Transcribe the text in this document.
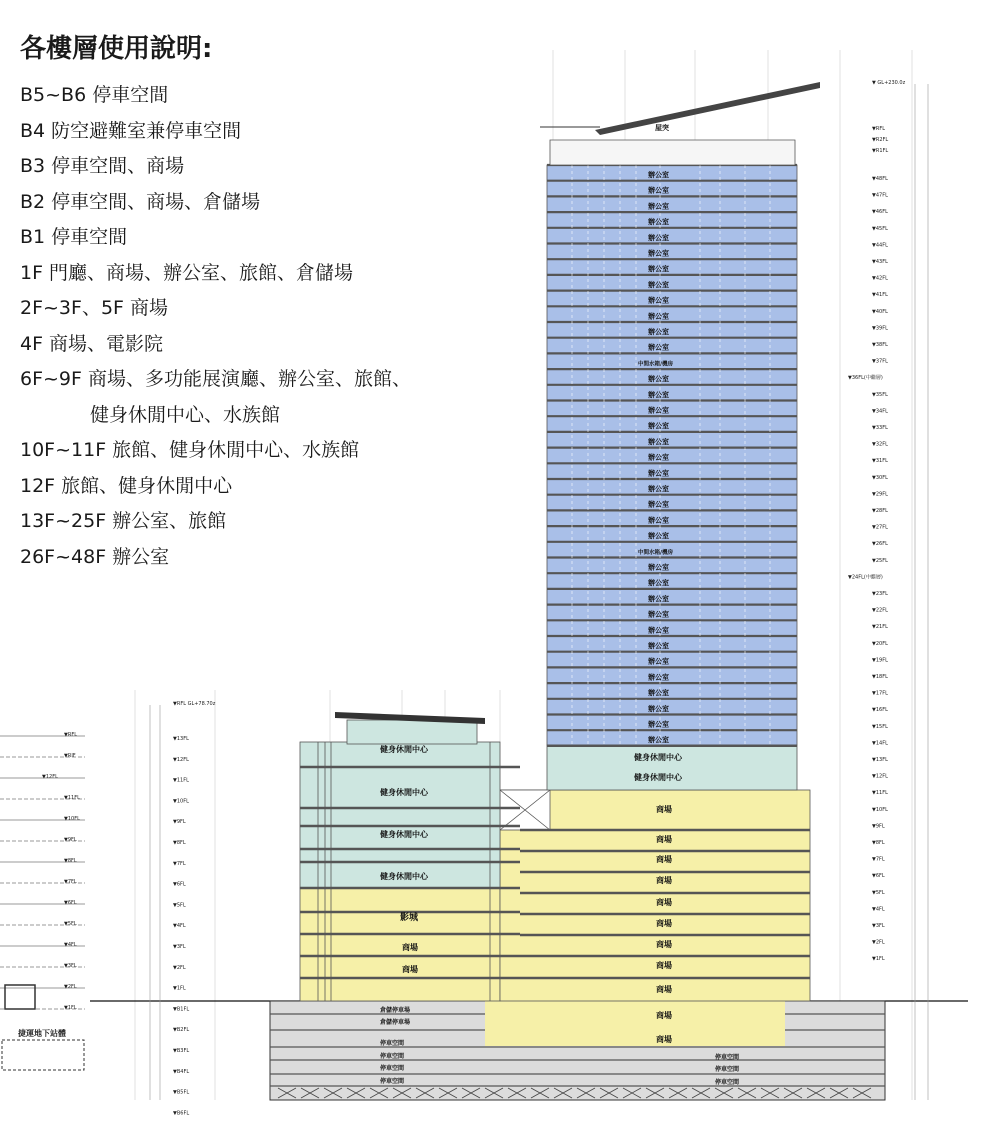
各樓層使用說明:
B5~B6 停車空間
B4 防空避難室兼停車空間
B3 停車空間、商場
B2 停車空間、商場、倉儲場
B1 停車空間
1F 門廳、商場、辦公室、旅館、倉儲場
2F~3F、5F 商場
4F 商場、電影院
6F~9F 商場、多功能展演廳、辦公室、旅館、
健身休閒中心、水族館
10F~11F 旅館、健身休閒中心、水族館
12F 旅館、健身休閒中心
13F~25F 辦公室、旅館
26F~48F 辦公室
捷運地下站體
▼RFL
▼RIF
▼12FL
▼11FL
▼10FL
▼9FL
▼8FL
▼7FL
▼6FL
▼5FL
▼4FL
▼3FL
▼2FL
▼1FL	倉儲停車場
倉儲停車場
停車空間
停車空間
停車空間
停車空間
停車空間
停車空間
停車空間
健身休閒中心
健身休閒中心
健身休閒中心
健身休閒中心
影城
商場
商場
商場
商場
商場
商場
商場
商場
商場
商場
商場
商場
商場
辦公室
辦公室
辦公室
辦公室
辦公室
辦公室
辦公室
辦公室
辦公室
辦公室
辦公室
辦公室
中間水箱/機房
辦公室
辦公室
辦公室
辦公室
辦公室
辦公室
辦公室
辦公室
辦公室
辦公室
辦公室
中間水箱/機房
辦公室
辦公室
辦公室
辦公室
辦公室
辦公室
辦公室
辦公室
辦公室
辦公室
辦公室
辦公室
健身休閒中心
健身休閒中心
屋突	▼RFL
▼R2FL
▼R1FL
▼48FL
▼47FL
▼46FL
▼45FL
▼44FL
▼43FL
▼42FL
▼41FL
▼40FL
▼39FL
▼38FL
▼37FL
▼36FL(中繼層)
▼35FL
▼34FL
▼33FL
▼32FL
▼31FL
▼30FL
▼29FL
▼28FL
▼27FL
▼26FL
▼25FL
▼24FL(中繼層)
▼23FL
▼22FL
▼21FL
▼20FL
▼19FL
▼18FL
▼17FL
▼16FL
▼15FL
▼14FL
▼13FL
▼12FL
▼11FL
▼10FL
▼9FL
▼8FL
▼7FL
▼6FL
▼5FL
▼4FL
▼3FL
▼2FL
▼1FL
▼ GL+230.0z
▼13FL
▼12FL
▼11FL
▼10FL
▼9FL
▼8FL
▼7FL
▼6FL
▼5FL
▼4FL
▼3FL
▼2FL
▼1FL
▼B1FL
▼B2FL
▼B3FL
▼B4FL
▼B5FL
▼B6FL
▼RFL GL+78.70z
